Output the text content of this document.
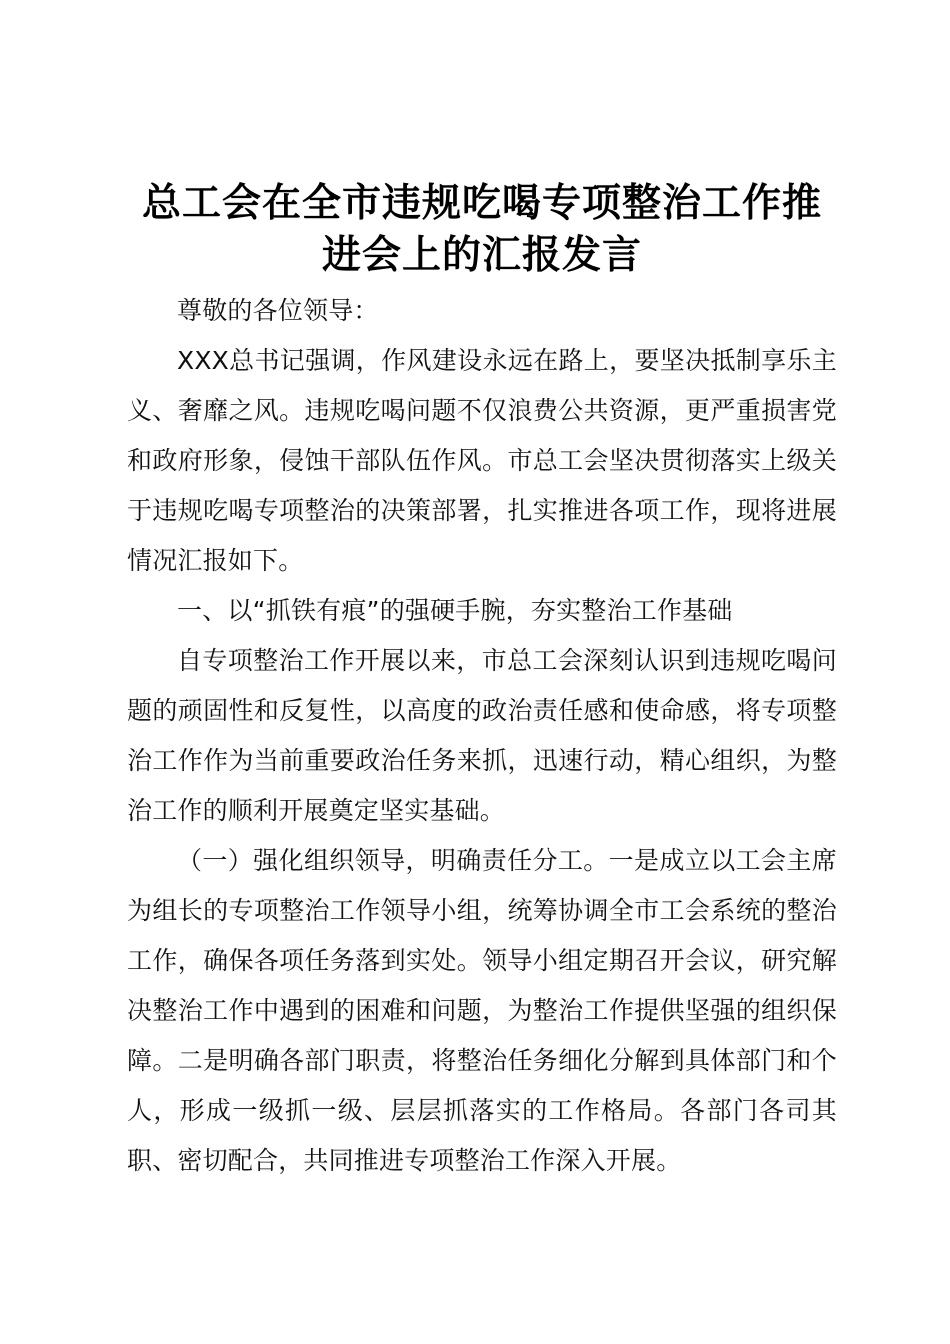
总工会在全市违规吃喝专项整治工作推
进会上的汇报发言

尊敬的各位领导：

XXX总书记强调，作风建设永远在路上，要坚决抵制享乐主义、奢靡之风。违规吃喝问题不仅浪费公共资源，更严重损害党和政府形象，侵蚀干部队伍作风。市总工会坚决贯彻落实上级关于违规吃喝专项整治的决策部署，扎实推进各项工作，现将进展情况汇报如下。

一、以“抓铁有痕”的强硬手腕，夯实整治工作基础

自专项整治工作开展以来，市总工会深刻认识到违规吃喝问题的顽固性和反复性，以高度的政治责任感和使命感，将专项整治工作作为当前重要政治任务来抓，迅速行动，精心组织，为整治工作的顺利开展奠定坚实基础。

（一）强化组织领导，明确责任分工。一是成立以工会主席为组长的专项整治工作领导小组，统筹协调全市工会系统的整治工作，确保各项任务落到实处。领导小组定期召开会议，研究解决整治工作中遇到的困难和问题，为整治工作提供坚强的组织保障。二是明确各部门职责，将整治任务细化分解到具体部门和个人，形成一级抓一级、层层抓落实的工作格局。各部门各司其职、密切配合，共同推进专项整治工作深入开展。
